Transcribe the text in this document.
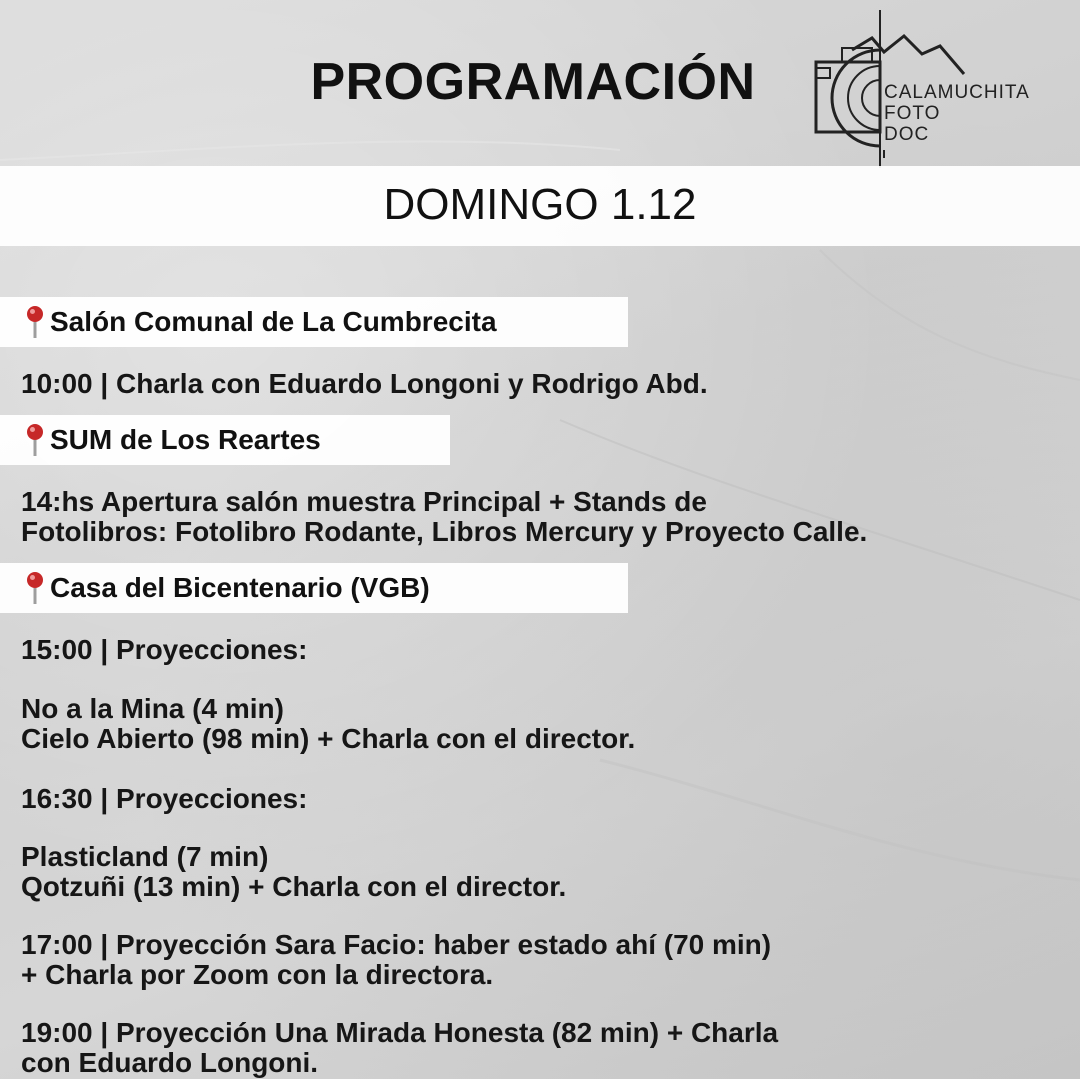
PROGRAMACIÓN	CALAMUCHITA
FOTO
DOC
DOMINGO 1.12
Salón Comunal de La Cumbrecita
10:00 | Charla con Eduardo Longoni y Rodrigo Abd.
SUM de Los Reartes
14:hs Apertura salón muestra Principal + Stands de
Fotolibros: Fotolibro Rodante, Libros Mercury y Proyecto Calle.
Casa del Bicentenario (VGB)
15:00 | Proyecciones:
No a la Mina (4 min)
Cielo Abierto (98 min) + Charla con el director.
16:30 | Proyecciones:
Plasticland (7 min)
Qotzuñi (13 min) + Charla con el director.
17:00 | Proyección Sara Facio: haber estado ahí (70 min)
+ Charla por Zoom con la directora.
19:00 | Proyección Una Mirada Honesta (82 min) + Charla
con Eduardo Longoni.
